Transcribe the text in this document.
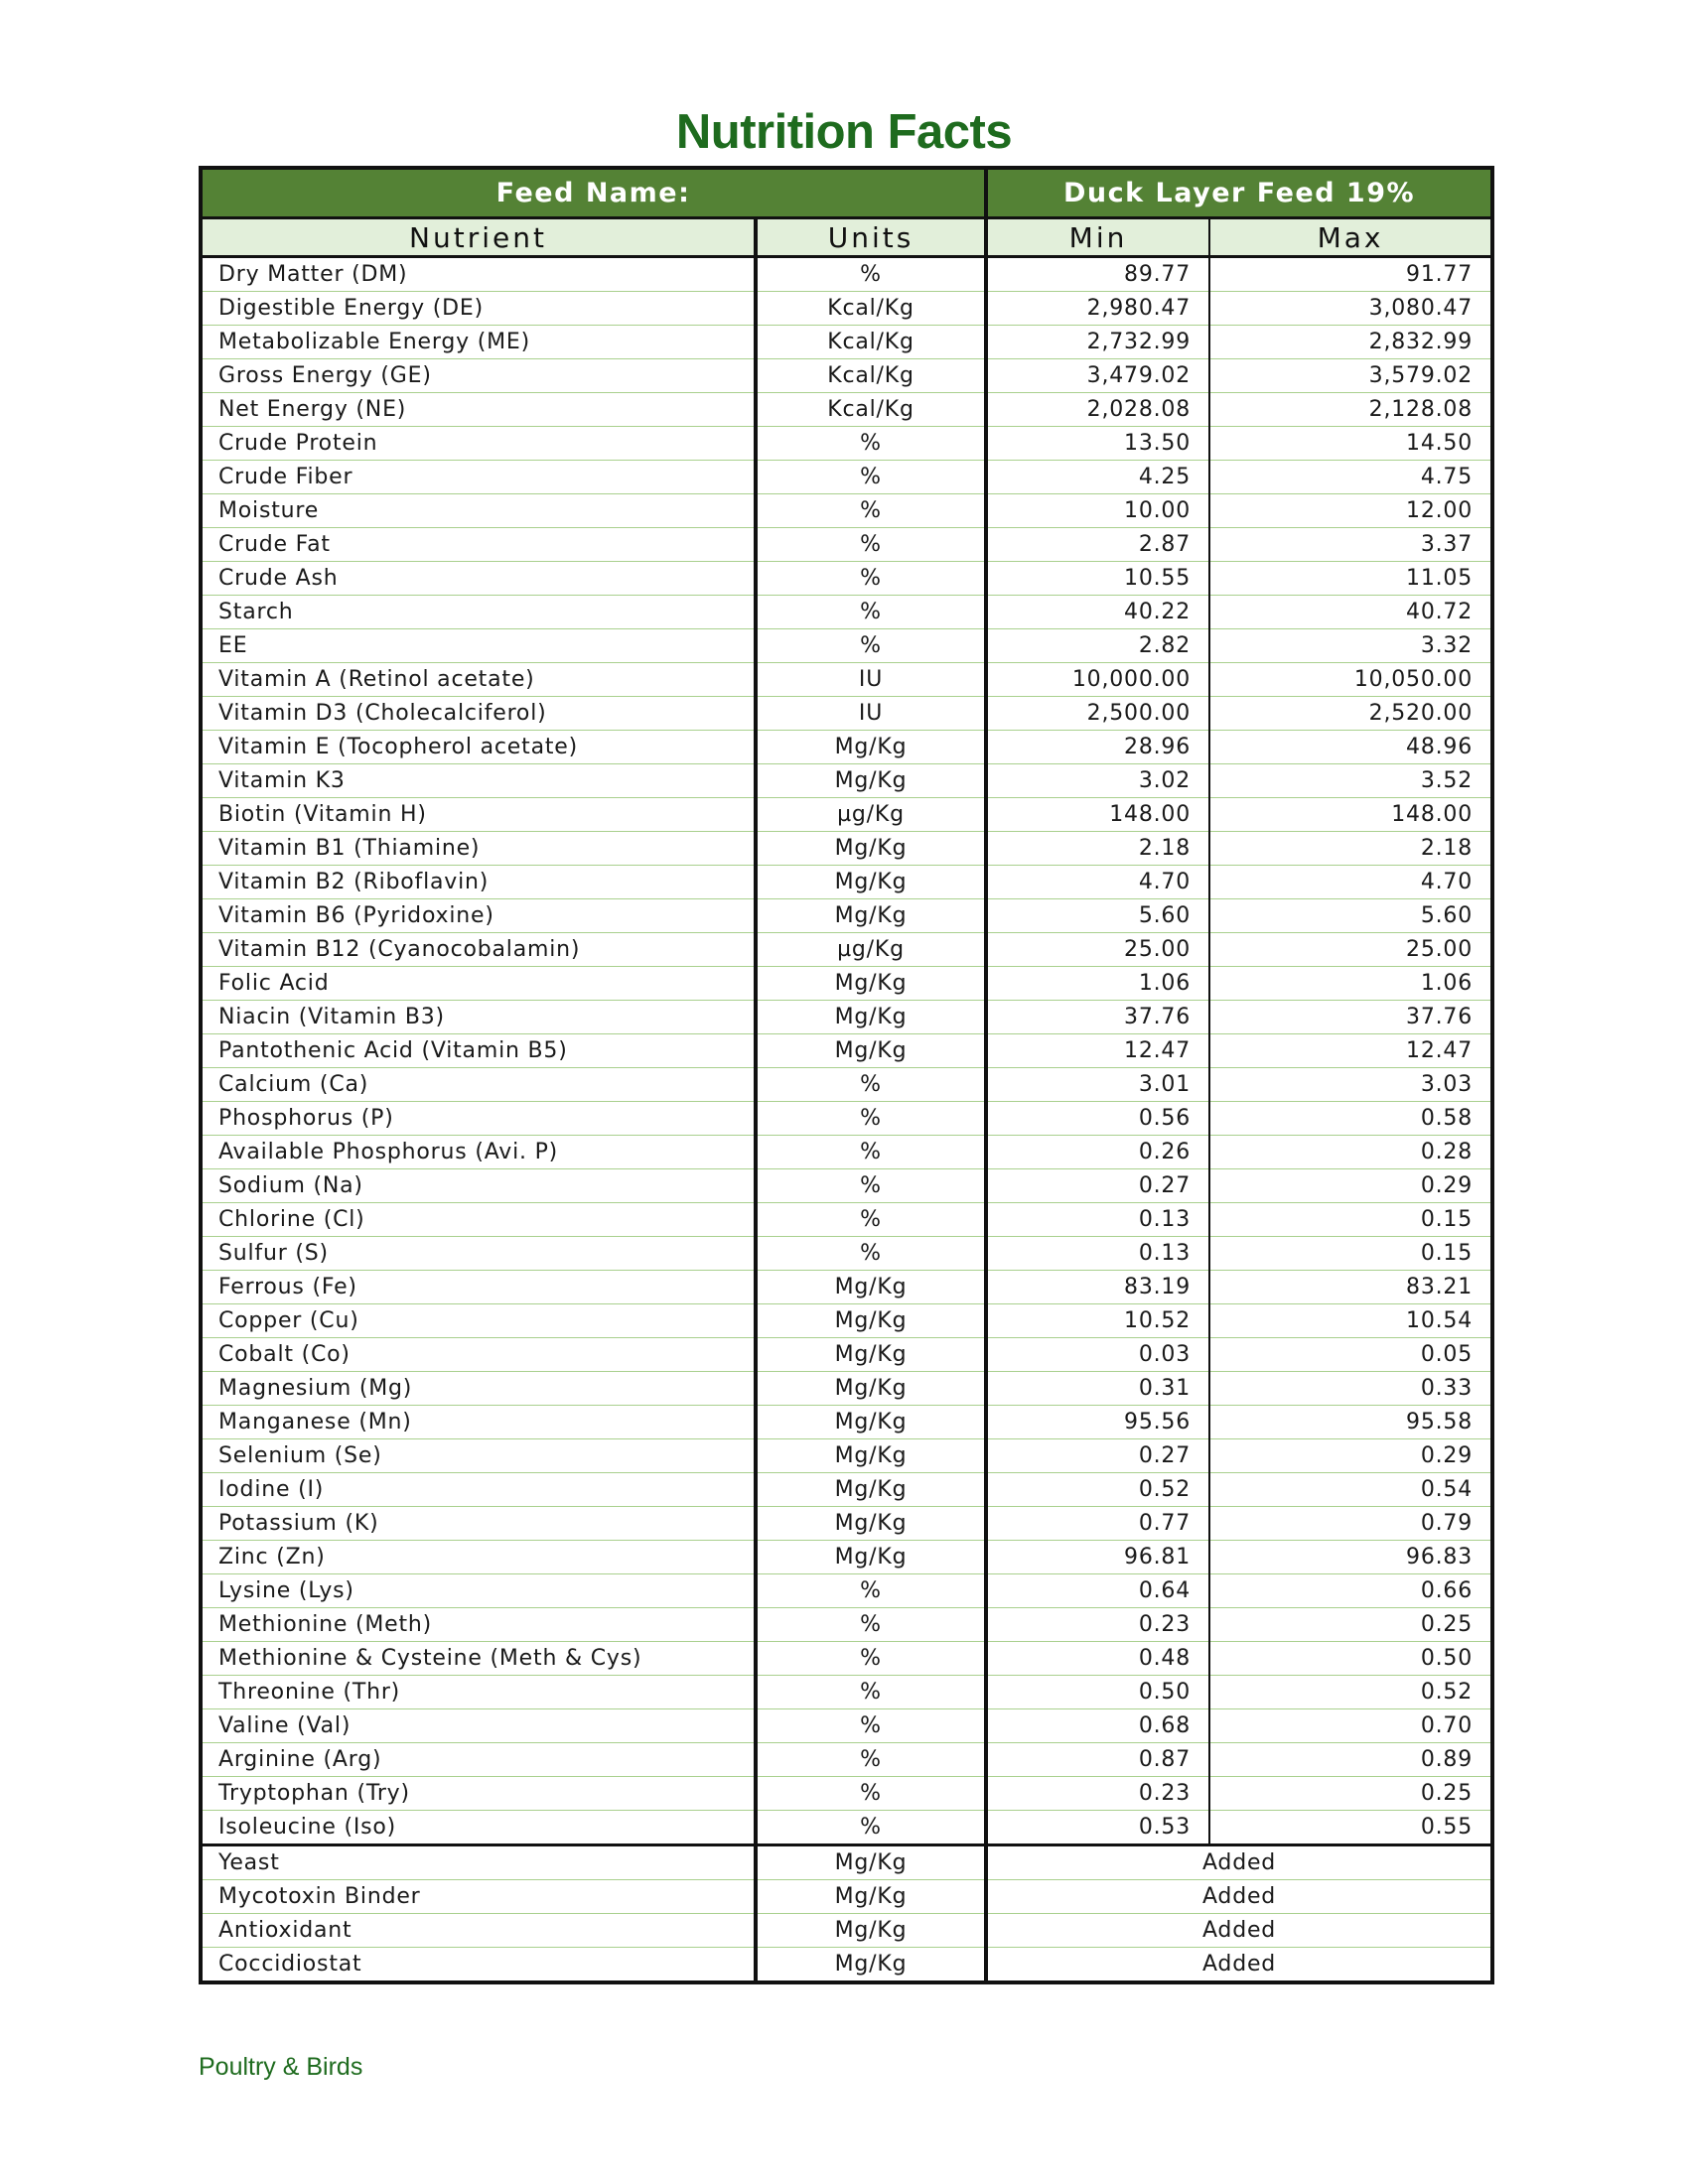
Nutrition Facts
Feed Name:		Duck Layer Feed 19%	
Nutrient	Units	Min	Max
Dry Matter (DM)	%	89.77	91.77
Digestible Energy (DE)	Kcal/Kg	2,980.47	3,080.47
Metabolizable Energy (ME)	Kcal/Kg	2,732.99	2,832.99
Gross Energy (GE)	Kcal/Kg	3,479.02	3,579.02
Net Energy (NE)	Kcal/Kg	2,028.08	2,128.08
Crude Protein	%	13.50	14.50
Crude Fiber	%	4.25	4.75
Moisture	%	10.00	12.00
Crude Fat	%	2.87	3.37
Crude Ash	%	10.55	11.05
Starch	%	40.22	40.72
EE	%	2.82	3.32
Vitamin A (Retinol acetate)	IU	10,000.00	10,050.00
Vitamin D3 (Cholecalciferol)	IU	2,500.00	2,520.00
Vitamin E (Tocopherol acetate)	Mg/Kg	28.96	48.96
Vitamin K3	Mg/Kg	3.02	3.52
Biotin (Vitamin H)	µg/Kg	148.00	148.00
Vitamin B1 (Thiamine)	Mg/Kg	2.18	2.18
Vitamin B2 (Riboflavin)	Mg/Kg	4.70	4.70
Vitamin B6 (Pyridoxine)	Mg/Kg	5.60	5.60
Vitamin B12 (Cyanocobalamin)	µg/Kg	25.00	25.00
Folic Acid	Mg/Kg	1.06	1.06
Niacin (Vitamin B3)	Mg/Kg	37.76	37.76
Pantothenic Acid (Vitamin B5)	Mg/Kg	12.47	12.47
Calcium (Ca)	%	3.01	3.03
Phosphorus (P)	%	0.56	0.58
Available Phosphorus (Avi. P)	%	0.26	0.28
Sodium (Na)	%	0.27	0.29
Chlorine (Cl)	%	0.13	0.15
Sulfur (S)	%	0.13	0.15
Ferrous (Fe)	Mg/Kg	83.19	83.21
Copper (Cu)	Mg/Kg	10.52	10.54
Cobalt (Co)	Mg/Kg	0.03	0.05
Magnesium (Mg)	Mg/Kg	0.31	0.33
Manganese (Mn)	Mg/Kg	95.56	95.58
Selenium (Se)	Mg/Kg	0.27	0.29
Iodine (I)	Mg/Kg	0.52	0.54
Potassium (K)	Mg/Kg	0.77	0.79
Zinc (Zn)	Mg/Kg	96.81	96.83
Lysine (Lys)	%	0.64	0.66
Methionine (Meth)	%	0.23	0.25
Methionine & Cysteine (Meth & Cys)	%	0.48	0.50
Threonine (Thr)	%	0.50	0.52
Valine (Val)	%	0.68	0.70
Arginine (Arg)	%	0.87	0.89
Tryptophan (Try)	%	0.23	0.25
Isoleucine (Iso)	%	0.53	0.55
Yeast	Mg/Kg	Added	
Mycotoxin Binder	Mg/Kg	Added	
Antioxidant	Mg/Kg	Added	
Coccidiostat	Mg/Kg	Added	
Poultry & Birds
